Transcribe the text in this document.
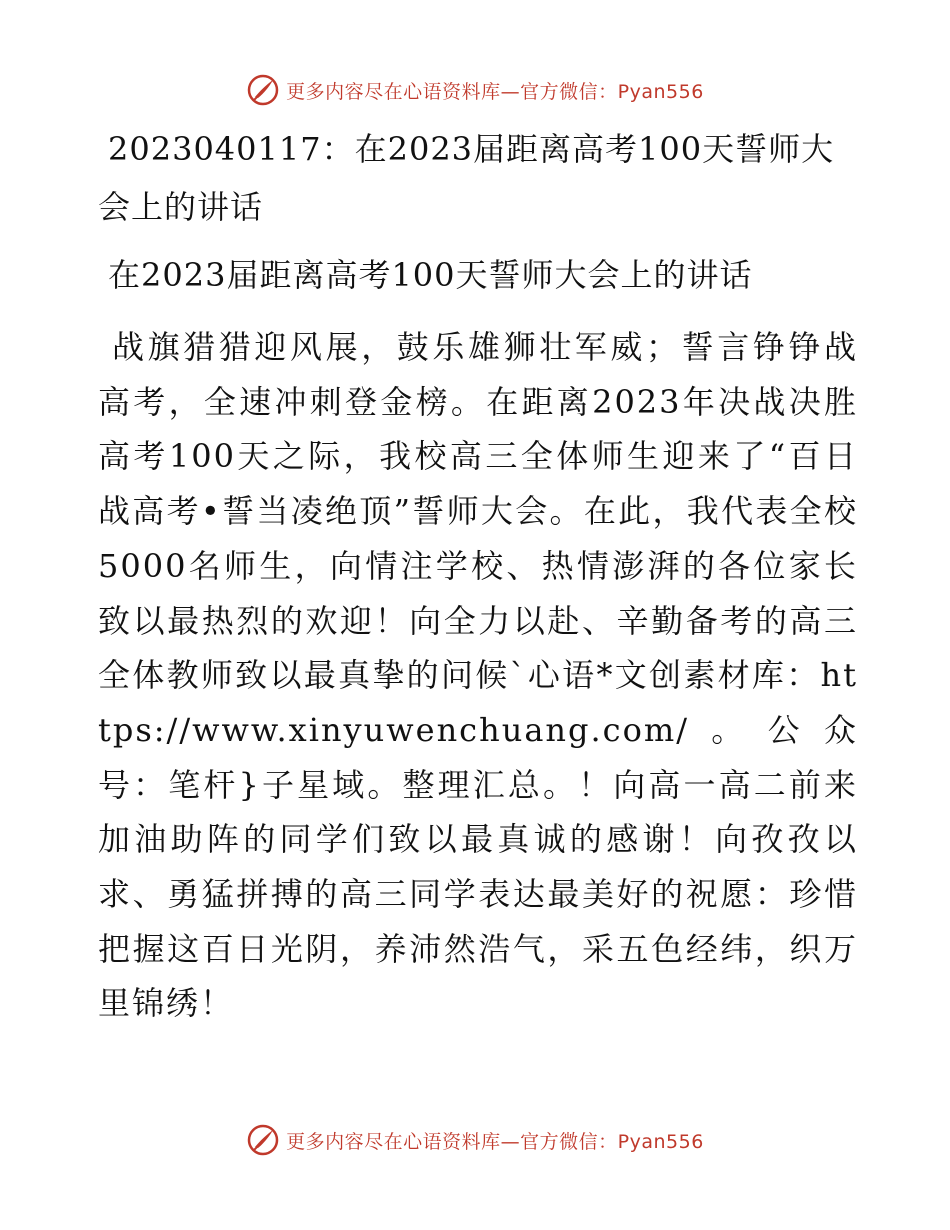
更多内容尽在心语资料库—官方微信：Pyan556
2023040117：在2023届距离高考100天誓师大会上的讲话
在2023届距离高考100天誓师大会上的讲话

战旗猎猎迎风展，鼓乐雄狮壮军威；誓言铮铮战高考，全速冲刺登金榜。在距离2023年决战决胜高考100天之际，我校高三全体师生迎来了“百日战高考•誓当凌绝顶”誓师大会。在此，我代表全校5000名师生，向情注学校、热情澎湃的各位家长致以最热烈的欢迎！向全力以赴、辛勤备考的高三全体教师致以最真挚的问候`心语*文创素材库：https://www.xinyuwenchuang.com/。公众号：笔杆}子星域。整理汇总。！向高一高二前来加油助阵的同学们致以最真诚的感谢！向孜孜以求、勇猛拼搏的高三同学表达最美好的祝愿：珍惜把握这百日光阴，养沛然浩气，采五色经纬，织万里锦绣！

更多内容尽在心语资料库—官方微信：Pyan556
